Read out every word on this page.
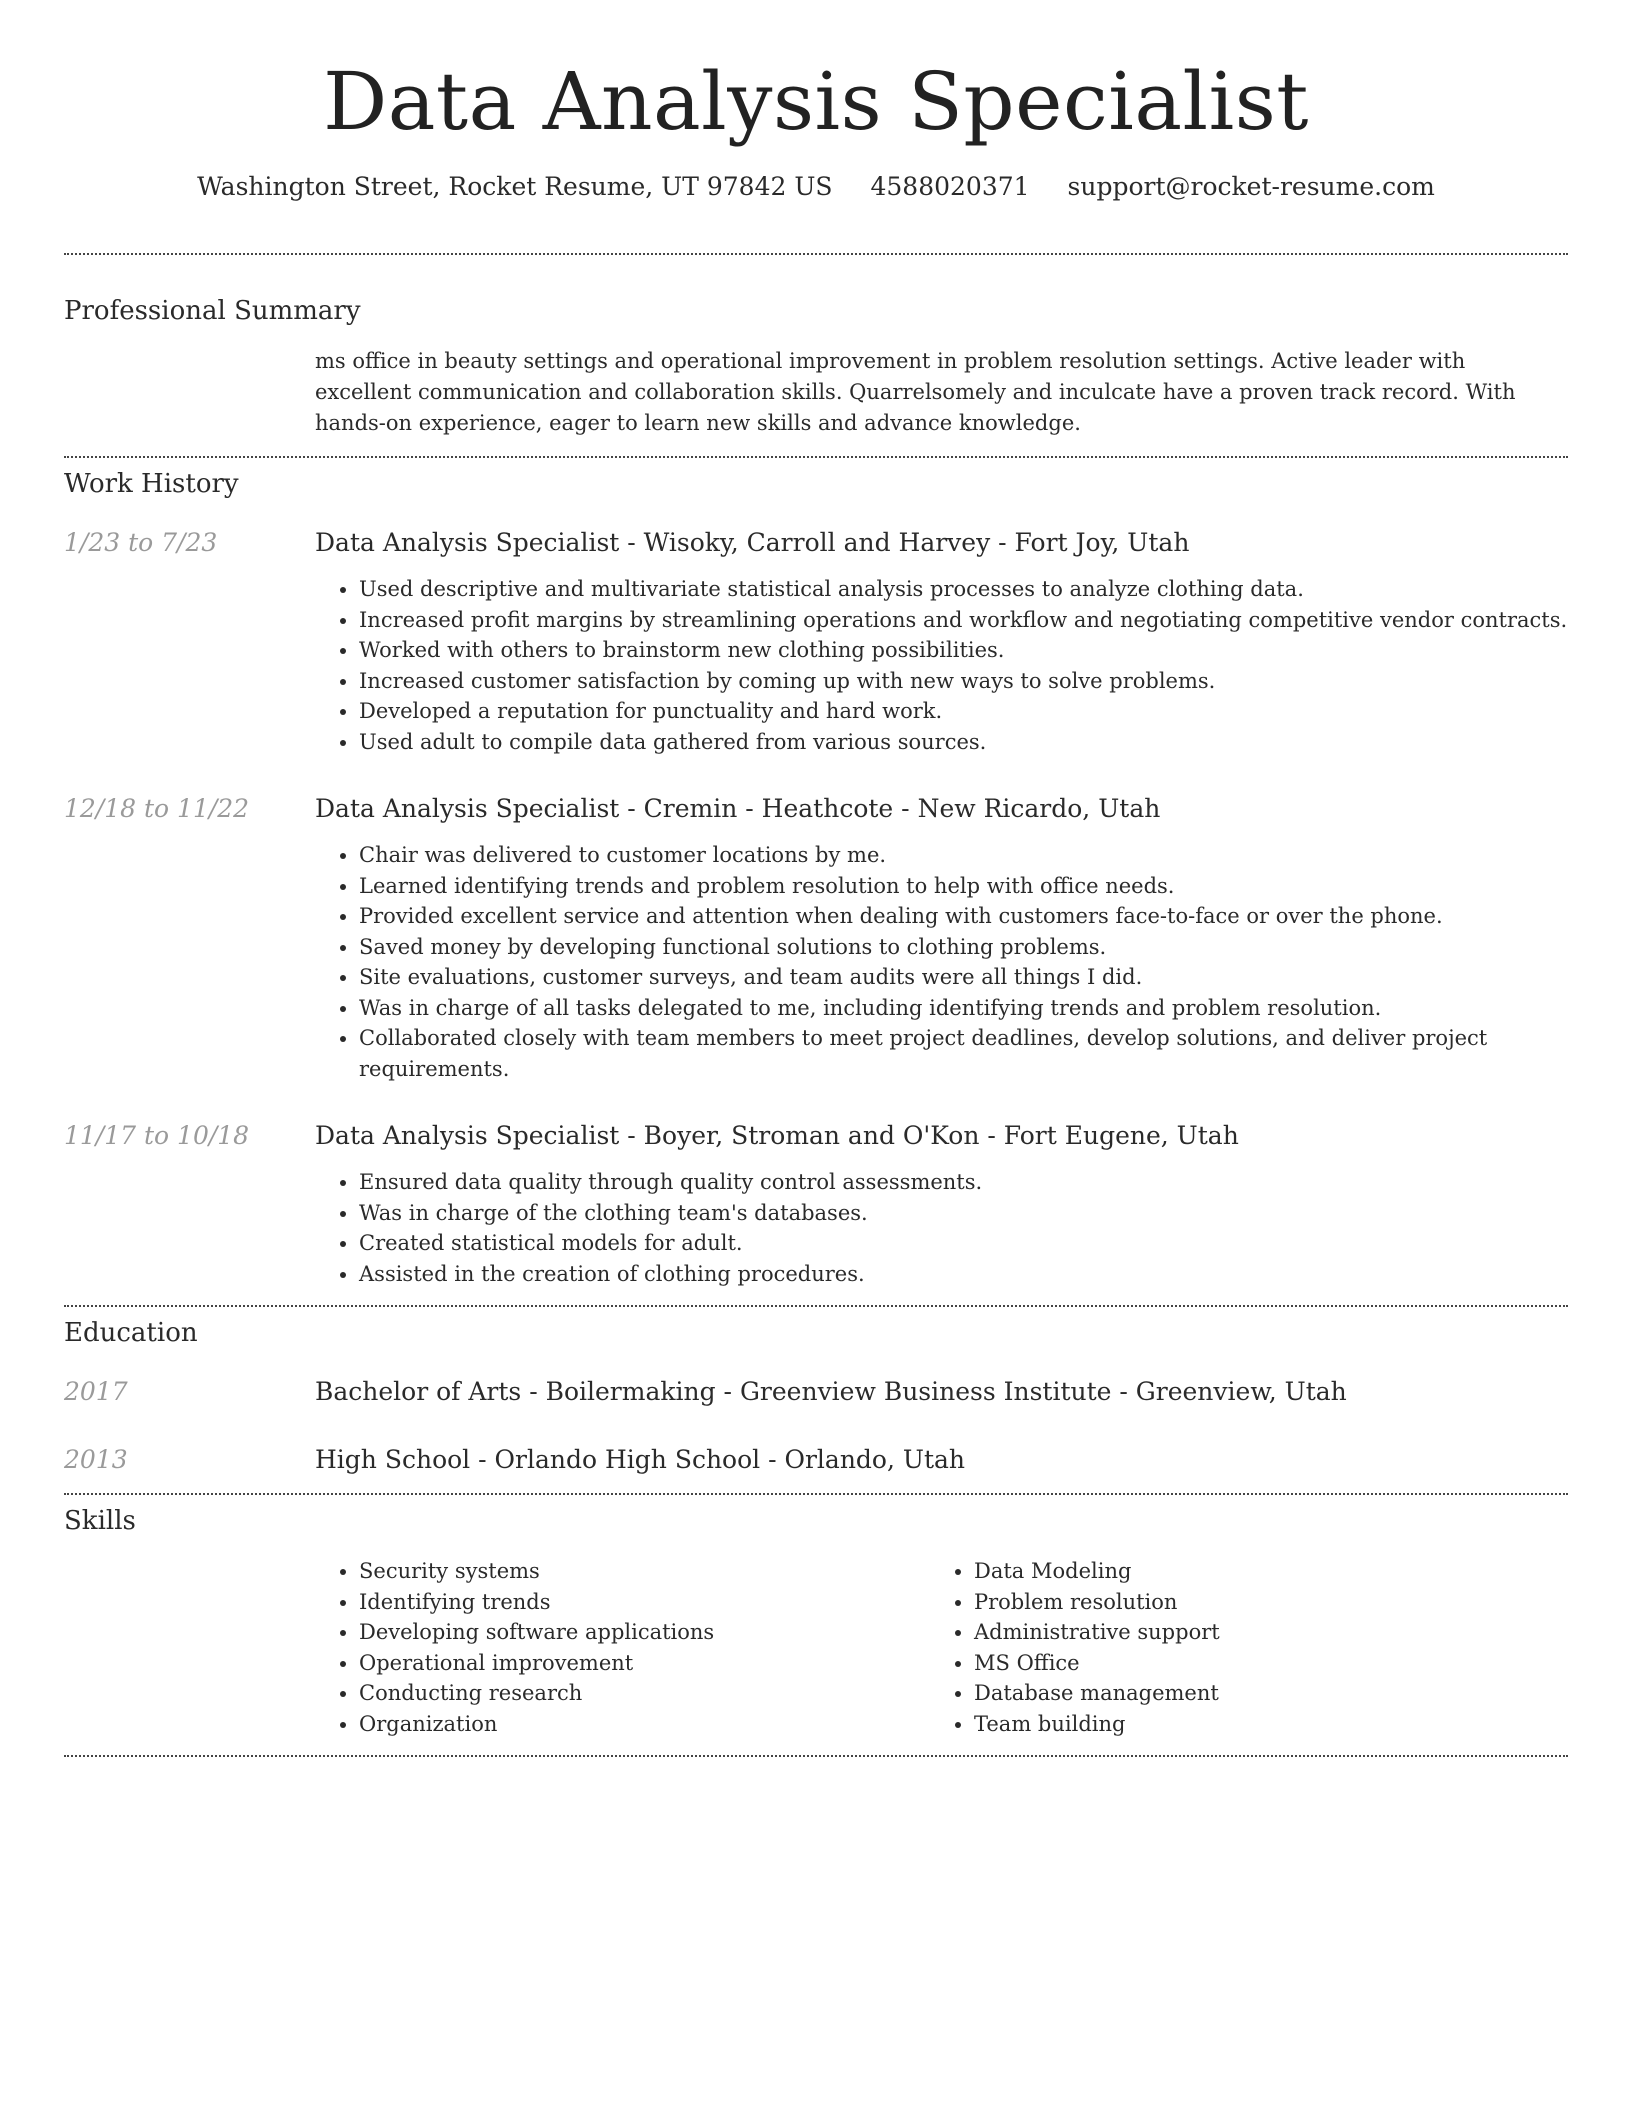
Data Analysis Specialist
Washington Street, Rocket Resume, UT 97842 US 4588020371 support@rocket-resume.com
Professional Summary

ms office in beauty settings and operational improvement in problem resolution settings. Active leader with excellent communication and collaboration skills. Quarrelsomely and inculcate have a proven track record. With hands-on experience, eager to learn new skills and advance knowledge.

Work History
1/23 to 7/23	Data Analysis Specialist - Wisoky, Carroll and Harvey - Fort Joy, Utah
• Used descriptive and multivariate statistical analysis processes to analyze clothing data.
• Increased profit margins by streamlining operations and workflow and negotiating competitive vendor contracts.
• Worked with others to brainstorm new clothing possibilities.
• Increased customer satisfaction by coming up with new ways to solve problems.
• Developed a reputation for punctuality and hard work.
• Used adult to compile data gathered from various sources.
12/18 to 11/22	Data Analysis Specialist - Cremin - Heathcote - New Ricardo, Utah
• Chair was delivered to customer locations by me.
• Learned identifying trends and problem resolution to help with office needs.
• Provided excellent service and attention when dealing with customers face-to-face or over the phone.
• Saved money by developing functional solutions to clothing problems.
• Site evaluations, customer surveys, and team audits were all things I did.
• Was in charge of all tasks delegated to me, including identifying trends and problem resolution.
• Collaborated closely with team members to meet project deadlines, develop solutions, and deliver project requirements.
11/17 to 10/18	Data Analysis Specialist - Boyer, Stroman and O'Kon - Fort Eugene, Utah
• Ensured data quality through quality control assessments.
• Was in charge of the clothing team's databases.
• Created statistical models for adult.
• Assisted in the creation of clothing procedures.
Education
2017	Bachelor of Arts - Boilermaking - Greenview Business Institute - Greenview, Utah
2013	High School - Orlando High School - Orlando, Utah
Skills
• Security systems
• Identifying trends
• Developing software applications
• Operational improvement
• Conducting research
• Organization
• Data Modeling
• Problem resolution
• Administrative support
• MS Office
• Database management
• Team building
